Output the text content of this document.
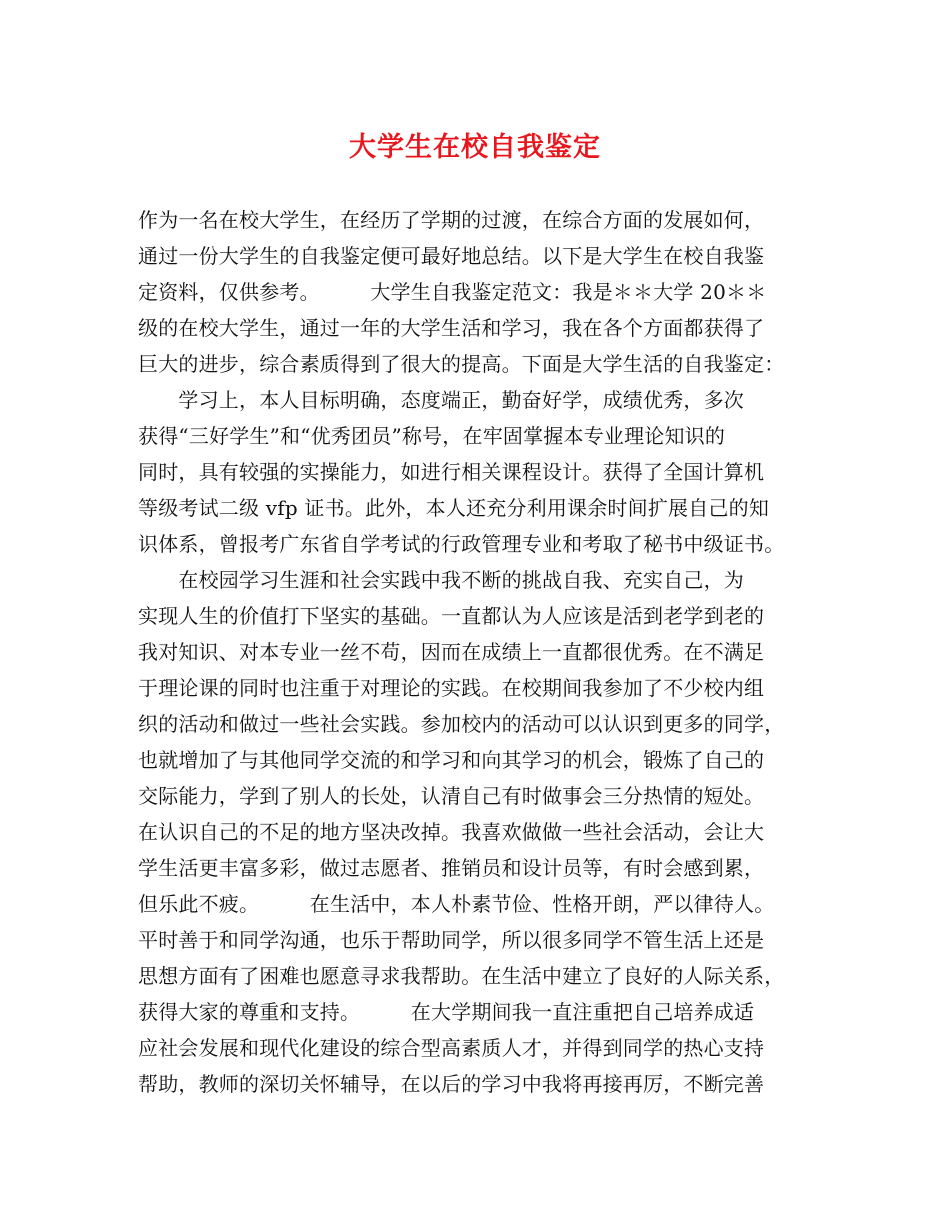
大学生在校自我鉴定
作为一名在校大学生，在经历了学期的过渡，在综合方面的发展如何，
通过一份大学生的自我鉴定便可最好地总结。以下是大学生在校自我鉴
定资料，仅供参考。　　　大学生自我鉴定范文：我是＊＊大学 20＊＊
级的在校大学生，通过一年的大学生活和学习，我在各个方面都获得了
巨大的进步，综合素质得到了很大的提高。下面是大学生活的自我鉴定：
　　学习上，本人目标明确，态度端正，勤奋好学，成绩优秀，多次
获得“三好学生”和“优秀团员”称号，在牢固掌握本专业理论知识的
同时，具有较强的实操能力，如进行相关课程设计。获得了全国计算机
等级考试二级 vfp 证书。此外，本人还充分利用课余时间扩展自己的知
识体系，曾报考广东省自学考试的行政管理专业和考取了秘书中级证书。
　　在校园学习生涯和社会实践中我不断的挑战自我、充实自己，为
实现人生的价值打下坚实的基础。一直都认为人应该是活到老学到老的
我对知识、对本专业一丝不苟，因而在成绩上一直都很优秀。在不满足
于理论课的同时也注重于对理论的实践。在校期间我参加了不少校内组
织的活动和做过一些社会实践。参加校内的活动可以认识到更多的同学，
也就增加了与其他同学交流的和学习和向其学习的机会，锻炼了自己的
交际能力，学到了别人的长处，认清自己有时做事会三分热情的短处。
在认识自己的不足的地方坚决改掉。我喜欢做做一些社会活动，会让大
学生活更丰富多彩，做过志愿者、推销员和设计员等，有时会感到累，
但乐此不疲。　　　在生活中，本人朴素节俭、性格开朗，严以律待人。
平时善于和同学沟通，也乐于帮助同学，所以很多同学不管生活上还是
思想方面有了困难也愿意寻求我帮助。在生活中建立了良好的人际关系，
获得大家的尊重和支持。　　　在大学期间我一直注重把自己培养成适
应社会发展和现代化建设的综合型高素质人才，并得到同学的热心支持
帮助，教师的深切关怀辅导，在以后的学习中我将再接再厉，不断完善
